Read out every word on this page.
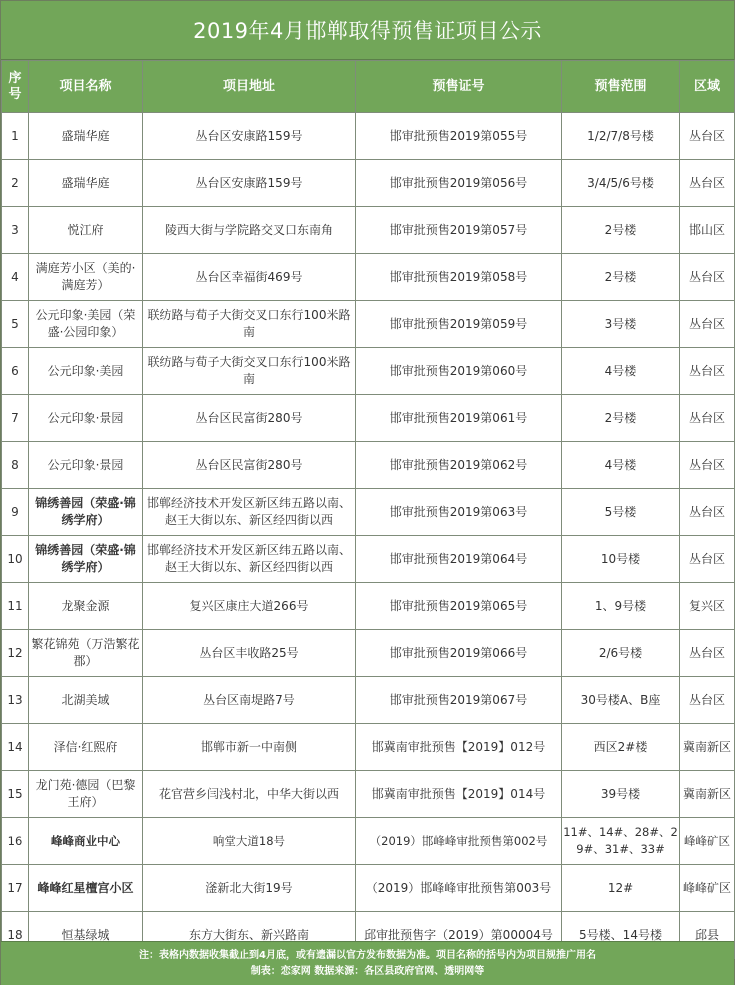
2019年4月邯郸取得预售证项目公示
序号	项目名称	项目地址	预售证号	预售范围	区域
1	盛瑞华庭	丛台区安康路159号	邯审批预售2019第055号	1/2/7/8号楼	丛台区
2	盛瑞华庭	丛台区安康路159号	邯审批预售2019第056号	3/4/5/6号楼	丛台区
3	悦江府	陵西大街与学院路交叉口东南角	邯审批预售2019第057号	2号楼	邯山区
4	满庭芳小区（美的·满庭芳）	丛台区幸福街469号	邯审批预售2019第058号	2号楼	丛台区
5	公元印象·美园（荣盛·公园印象）	联纺路与荀子大街交叉口东行100米路南	邯审批预售2019第059号	3号楼	丛台区
6	公元印象·美园	联纺路与荀子大街交叉口东行100米路南	邯审批预售2019第060号	4号楼	丛台区
7	公元印象·景园	丛台区民富街280号	邯审批预售2019第061号	2号楼	丛台区
8	公元印象·景园	丛台区民富街280号	邯审批预售2019第062号	4号楼	丛台区
9	锦绣善园（荣盛·锦绣学府）	邯郸经济技术开发区新区纬五路以南、赵王大街以东、新区经四街以西	邯审批预售2019第063号	5号楼	丛台区
10	锦绣善园（荣盛·锦绣学府）	邯郸经济技术开发区新区纬五路以南、赵王大街以东、新区经四街以西	邯审批预售2019第064号	10号楼	丛台区
11	龙聚金源	复兴区康庄大道266号	邯审批预售2019第065号	1、9号楼	复兴区
12	繁花锦苑（万浩繁花郡）	丛台区丰收路25号	邯审批预售2019第066号	2/6号楼	丛台区
13	北湖美域	丛台区南堤路7号	邯审批预售2019第067号	30号楼A、B座	丛台区
14	泽信·红熙府	邯郸市新一中南侧	邯冀南审批预售【2019】012号	西区2#楼	冀南新区
15	龙门苑·德园（巴黎王府）	花官营乡闫浅村北，中华大街以西	邯冀南审批预售【2019】014号	39号楼	冀南新区
16	峰峰商业中心	响堂大道18号	（2019）邯峰峰审批预售第002号	11#、14#、28#、29#、31#、33#	峰峰矿区
17	峰峰红星檀宫小区	滏新北大街19号	（2019）邯峰峰审批预售第003号	12#	峰峰矿区
18	恒基绿城	东方大街东、新兴路南	邱审批预售字（2019）第00004号	5号楼、14号楼	邱县
注：表格内数据收集截止到4月底，或有遗漏以官方发布数据为准。项目名称的括号内为项目规推广用名
制表：恋家网 数据来源：各区县政府官网、透明网等
